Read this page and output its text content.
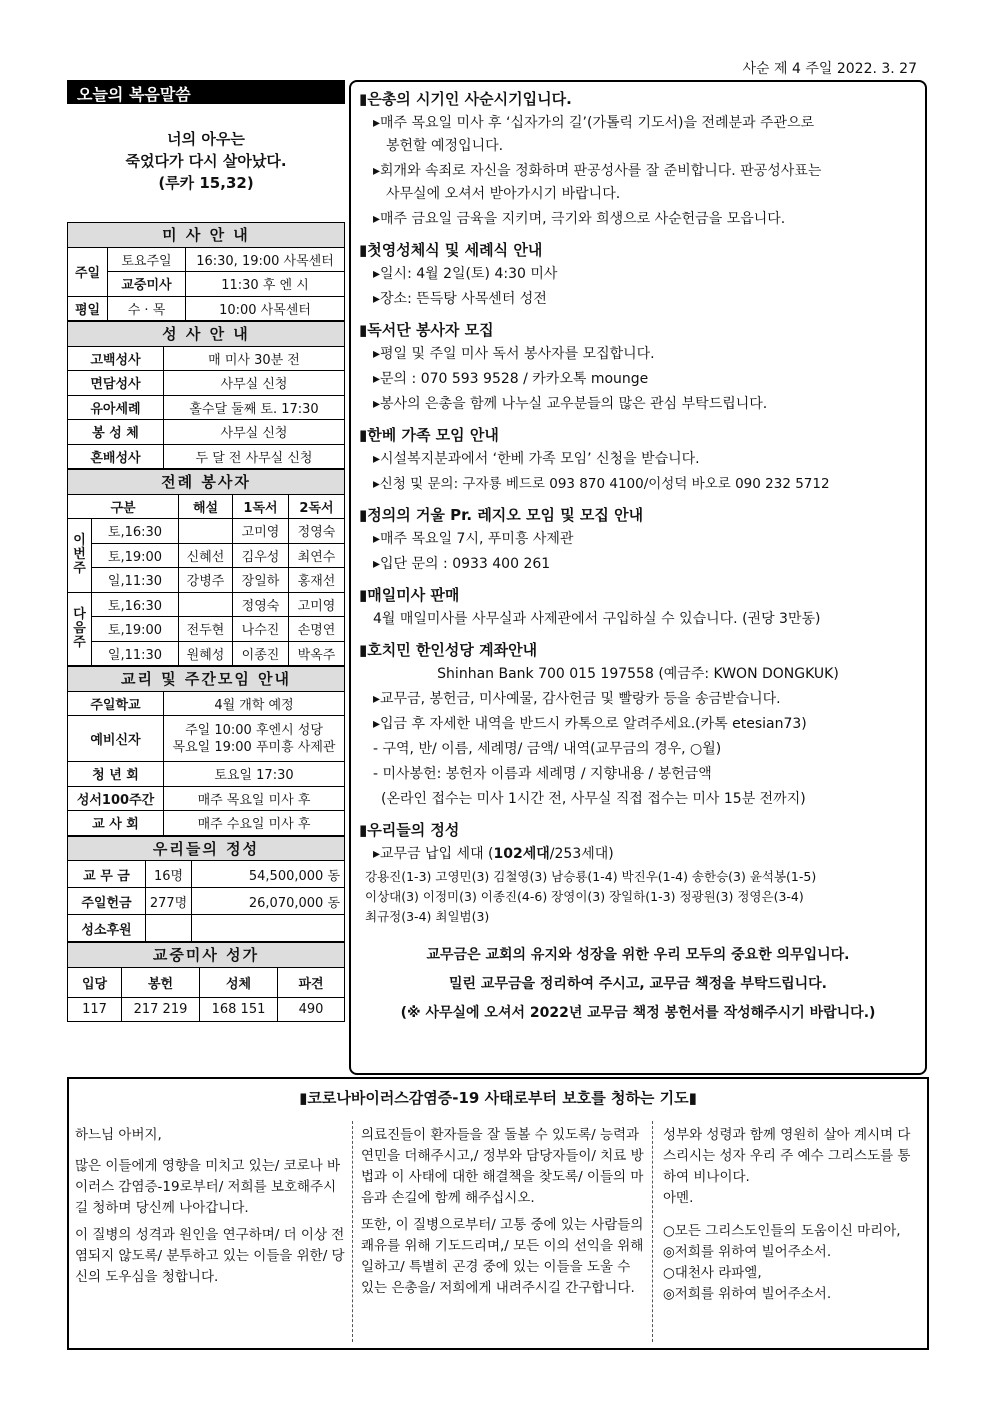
사순 제 4 주일 2022. 3. 27
오늘의 복음말씀
너의 아우는
죽었다가 다시 살아났다.
(루카 15,32)
미 사 안 내		
주일	토요주일	16:30, 19:00 사목센터
	교중미사	11:30 후 엔 시
평일	수 · 목	10:00 사목센터
성 사 안 내	
고백성사	매 미사 30분 전
면담성사	사무실 신청
유아세례	홀수달 둘째 토. 17:30
봉 성 체	사무실 신청
혼배성사	두 달 전 사무실 신청
전례 봉사자				
구분		해설	1독서	2독서
이번주	토,16:30		고미영	정영숙
	토,19:00	신혜선	김우성	최연수
	일,11:30	강병주	장일하	홍재선
다음주	토,16:30		정영숙	고미영
	토,19:00	전두현	나수진	손명연
	일,11:30	원혜성	이종진	박옥주
교리 및 주간모임 안내	
주일학교	4월 개학 예정
예비신자	주일 10:00 후엔시 성당
목요일 19:00 푸미흥 사제관

청 년 회	토요일 17:30
성서100주간	매주 목요일 미사 후
교 사 회	매주 수요일 미사 후
우리들의 정성		
교 무 금	16명	54,500,000 동
주일헌금	277명	26,070,000 동
성소후원		
교중미사 성가			
입당	봉헌	성체	파견
117	217 219	168 151	490
▮은총의 시기인 사순시기입니다.
▸매주 목요일 미사 후 ‘십자가의 길’(가톨릭 기도서)을 전례분과 주관으로
봉헌할 예정입니다.
▸회개와 속죄로 자신을 정화하며 판공성사를 잘 준비합니다. 판공성사표는
사무실에 오셔서 받아가시기 바랍니다.
▸매주 금요일 금육을 지키며, 극기와 희생으로 사순헌금을 모읍니다.
▮첫영성체식 및 세례식 안내
▸일시: 4월 2일(토) 4:30 미사
▸장소: 뜬득탕 사목센터 성전
▮독서단 봉사자 모집
▸평일 및 주일 미사 독서 봉사자를 모집합니다.
▸문의 : 070 593 9528 / 카카오톡 mounge
▸봉사의 은총을 함께 나누실 교우분들의 많은 관심 부탁드립니다.
▮한베 가족 모임 안내
▸시설복지분과에서 ‘한베 가족 모임’ 신청을 받습니다.
▸신청 및 문의: 구자룡 베드로 093 870 4100/이성덕 바오로 090 232 5712
▮정의의 거울 Pr. 레지오 모임 및 모집 안내
▸매주 목요일 7시, 푸미흥 사제관
▸입단 문의 : 0933 400 261
▮매일미사 판매
4월 매일미사를 사무실과 사제관에서 구입하실 수 있습니다. (권당 3만동)
▮호치민 한인성당 계좌안내
Shinhan Bank 700 015 197558 (예금주: KWON DONGKUK)
▸교무금, 봉헌금, 미사예물, 감사헌금 및 빨랑카 등을 송금받습니다.
▸입금 후 자세한 내역을 반드시 카톡으로 알려주세요.(카톡 etesian73)
- 구역, 반/ 이름, 세례명/ 금액/ 내역(교무금의 경우, ○월)
- 미사봉헌: 봉헌자 이름과 세례명 / 지향내용 / 봉헌금액
(온라인 접수는 미사 1시간 전, 사무실 직접 접수는 미사 15분 전까지)
▮우리들의 정성
▸교무금 납입 세대 (102세대/253세대)
강용진(1-3) 고영민(3) 김철영(3) 남승룡(1-4) 박진우(1-4) 송한승(3) 윤석봉(1-5)
이상대(3) 이정미(3) 이종진(4-6) 장영이(3) 장일하(1-3) 정광원(3) 정영은(3-4)
최규정(3-4) 최일범(3)
교무금은 교회의 유지와 성장을 위한 우리 모두의 중요한 의무입니다.
밀린 교무금을 정리하여 주시고, 교무금 책정을 부탁드립니다.
(※ 사무실에 오셔서 2022년 교무금 책정 봉헌서를 작성해주시기 바랍니다.)
▮코로나바이러스감염증-19 사태로부터 보호를 청하는 기도▮

하느님 아버지,

많은 이들에게 영향을 미치고 있는/ 코로나 바이러스 감염증-19로부터/ 저희를 보호해주시길 청하며 당신께 나아갑니다.

이 질병의 성격과 원인을 연구하며/ 더 이상 전염되지 않도록/ 분투하고 있는 이들을 위한/ 당신의 도우심을 청합니다.

의료진들이 환자들을 잘 돌볼 수 있도록/ 능력과 연민을 더해주시고,/ 정부와 담당자들이/ 치료 방법과 이 사태에 대한 해결책을 찾도록/ 이들의 마음과 손길에 함께 해주십시오.

또한, 이 질병으로부터/ 고통 중에 있는 사람들의 쾌유를 위해 기도드리며,/ 모든 이의 선익을 위해 일하고/ 특별히 곤경 중에 있는 이들을 도울 수 있는 은총을/ 저희에게 내려주시길 간구합니다.

성부와 성령과 함께 영원히 살아 계시며 다스리시는 성자 우리 주 예수 그리스도를 통하여 비나이다.

아멘.

○모든 그리스도인들의 도움이신 마리아,
◎저희를 위하여 빌어주소서.
○대천사 라파엘,
◎저희를 위하여 빌어주소서.
